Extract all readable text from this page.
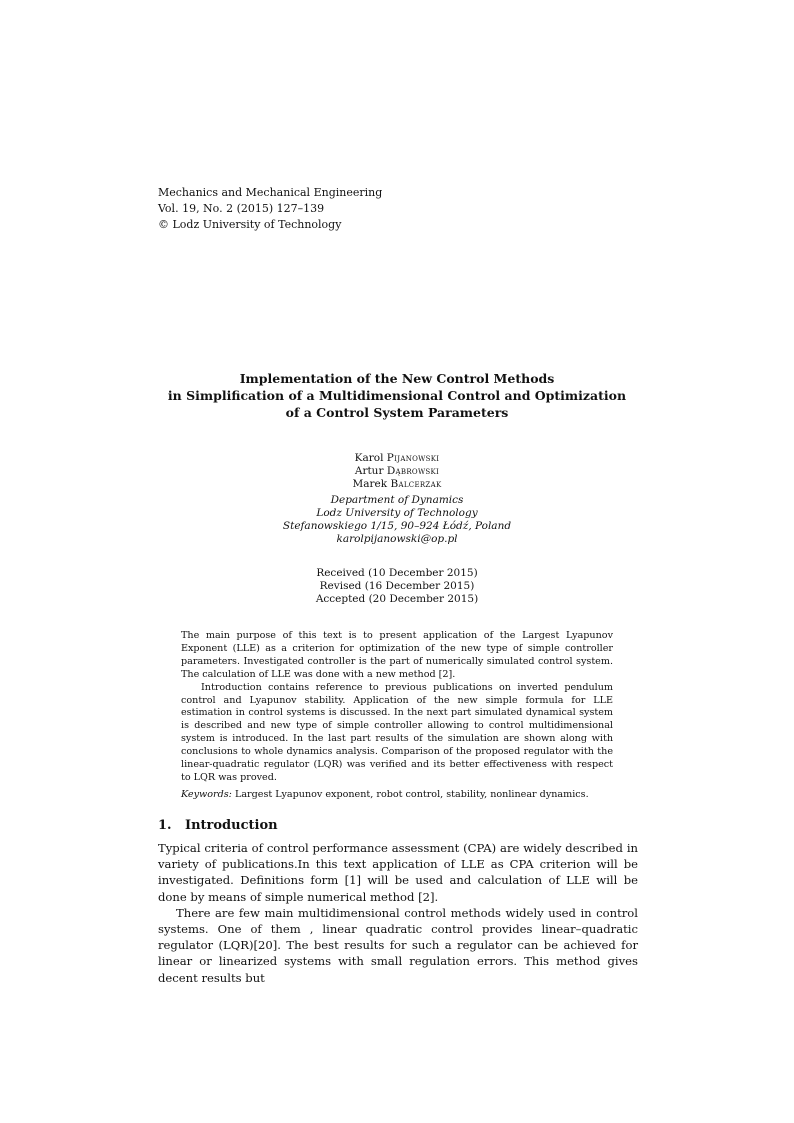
Mechanics and Mechanical Engineering
Vol. 19, No. 2 (2015) 127–139
© Lodz University of Technology
Implementation of the New Control Methods
in Simplification of a Multidimensional Control and Optimization
of a Control System Parameters
Karol Pijanowski
Artur Dąbrowski
Marek Balcerzak
Department of Dynamics
Lodz University of Technology
Stefanowskiego 1/15, 90–924 Łódź, Poland
karolpijanowski@op.pl
Received (10 December 2015)
Revised (16 December 2015)
Accepted (20 December 2015)

The main purpose of this text is to present application of the Largest Lyapunov Exponent (LLE) as a criterion for optimization of the new type of simple controller parameters. Investigated controller is the part of numerically simulated control system. The calculation of LLE was done with a new method [2].

Introduction contains reference to previous publications on inverted pendulum control and Lyapunov stability. Application of the new simple formula for LLE estimation in control systems is discussed. In the next part simulated dynamical system is described and new type of simple controller allowing to control multidimensional system is introduced. In the last part results of the simulation are shown along with conclusions to whole dynamics analysis. Comparison of the proposed regulator with the linear-quadratic regulator (LQR) was verified and its better effectiveness with respect to LQR was proved.

Keywords: Largest Lyapunov exponent, robot control, stability, nonlinear dynamics.
1. Introduction

Typical criteria of control performance assessment (CPA) are widely described in variety of publications.In this text application of LLE as CPA criterion will be investigated. Definitions form [1] will be used and calculation of LLE will be done by means of simple numerical method [2].

There are few main multidimensional control methods widely used in control systems. One of them , linear quadratic control provides linear–quadratic regulator (LQR)[20]. The best results for such a regulator can be achieved for linear or linearized systems with small regulation errors. This method gives decent results but
